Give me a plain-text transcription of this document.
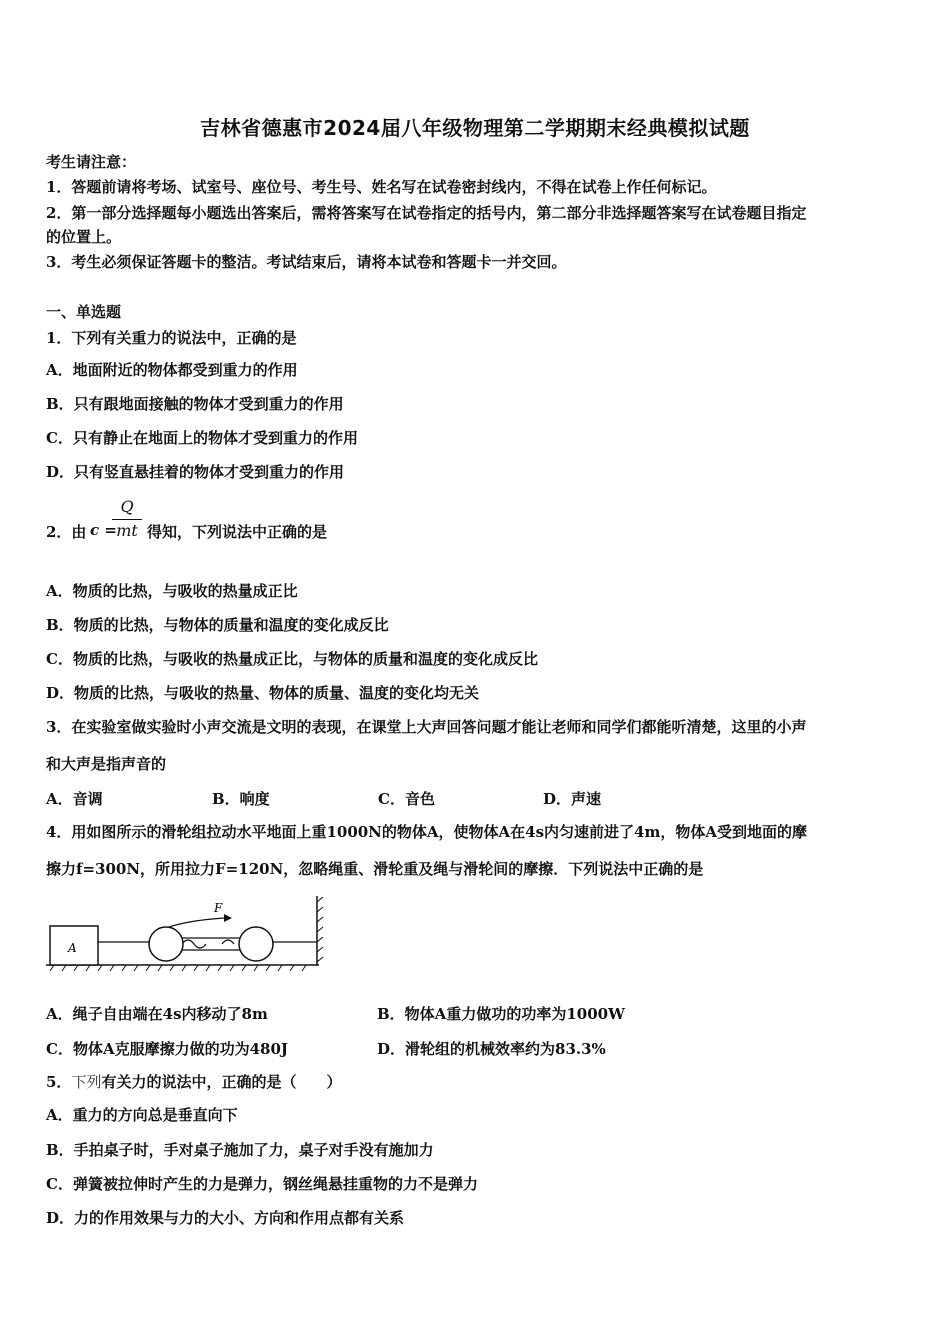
吉林省德惠市2024届八年级物理第二学期期末经典模拟试题
考生请注意：
1．答题前请将考场、试室号、座位号、考生号、姓名写在试卷密封线内，不得在试卷上作任何标记。
2．第一部分选择题每小题选出答案后，需将答案写在试卷指定的括号内，第二部分非选择题答案写在试卷题目指定
的位置上。
3．考生必须保证答题卡的整洁。考试结束后，请将本试卷和答题卡一并交回。
一、单选题
1．下列有关重力的说法中，正确的是
A．地面附近的物体都受到重力的作用
B．只有跟地面接触的物体才受到重力的作用
C．只有静止在地面上的物体才受到重力的作用
D．只有竖直悬挂着的物体才受到重力的作用
2．由 c =
Q
mt 得知，下列说法中正确的是
A．物质的比热，与吸收的热量成正比
B．物质的比热，与物体的质量和温度的变化成反比
C．物质的比热，与吸收的热量成正比，与物体的质量和温度的变化成反比
D．物质的比热，与吸收的热量、物体的质量、温度的变化均无关
3．在实验室做实验时小声交流是文明的表现，在课堂上大声回答问题才能让老师和同学们都能听清楚，这里的小声
和大声是指声音的
A．音调	B．响度	C．音色	D．声速
4．用如图所示的滑轮组拉动水平地面上重1000N的物体A，使物体A在4s内匀速前进了4m，物体A受到地面的摩
擦力f=300N，所用拉力F=120N，忽略绳重、滑轮重及绳与滑轮间的摩擦．下列说法中正确的是
A
F
A．绳子自由端在4s内移动了8m	B．物体A重力做功的功率为1000W
C．物体A克服摩擦力做的功为480J	D．滑轮组的机械效率约为83.3%
5．下列有关力的说法中，正确的是（　　）
A．重力的方向总是垂直向下
B．手拍桌子时，手对桌子施加了力，桌子对手没有施加力
C．弹簧被拉伸时产生的力是弹力，钢丝绳悬挂重物的力不是弹力
D．力的作用效果与力的大小、方向和作用点都有关系
